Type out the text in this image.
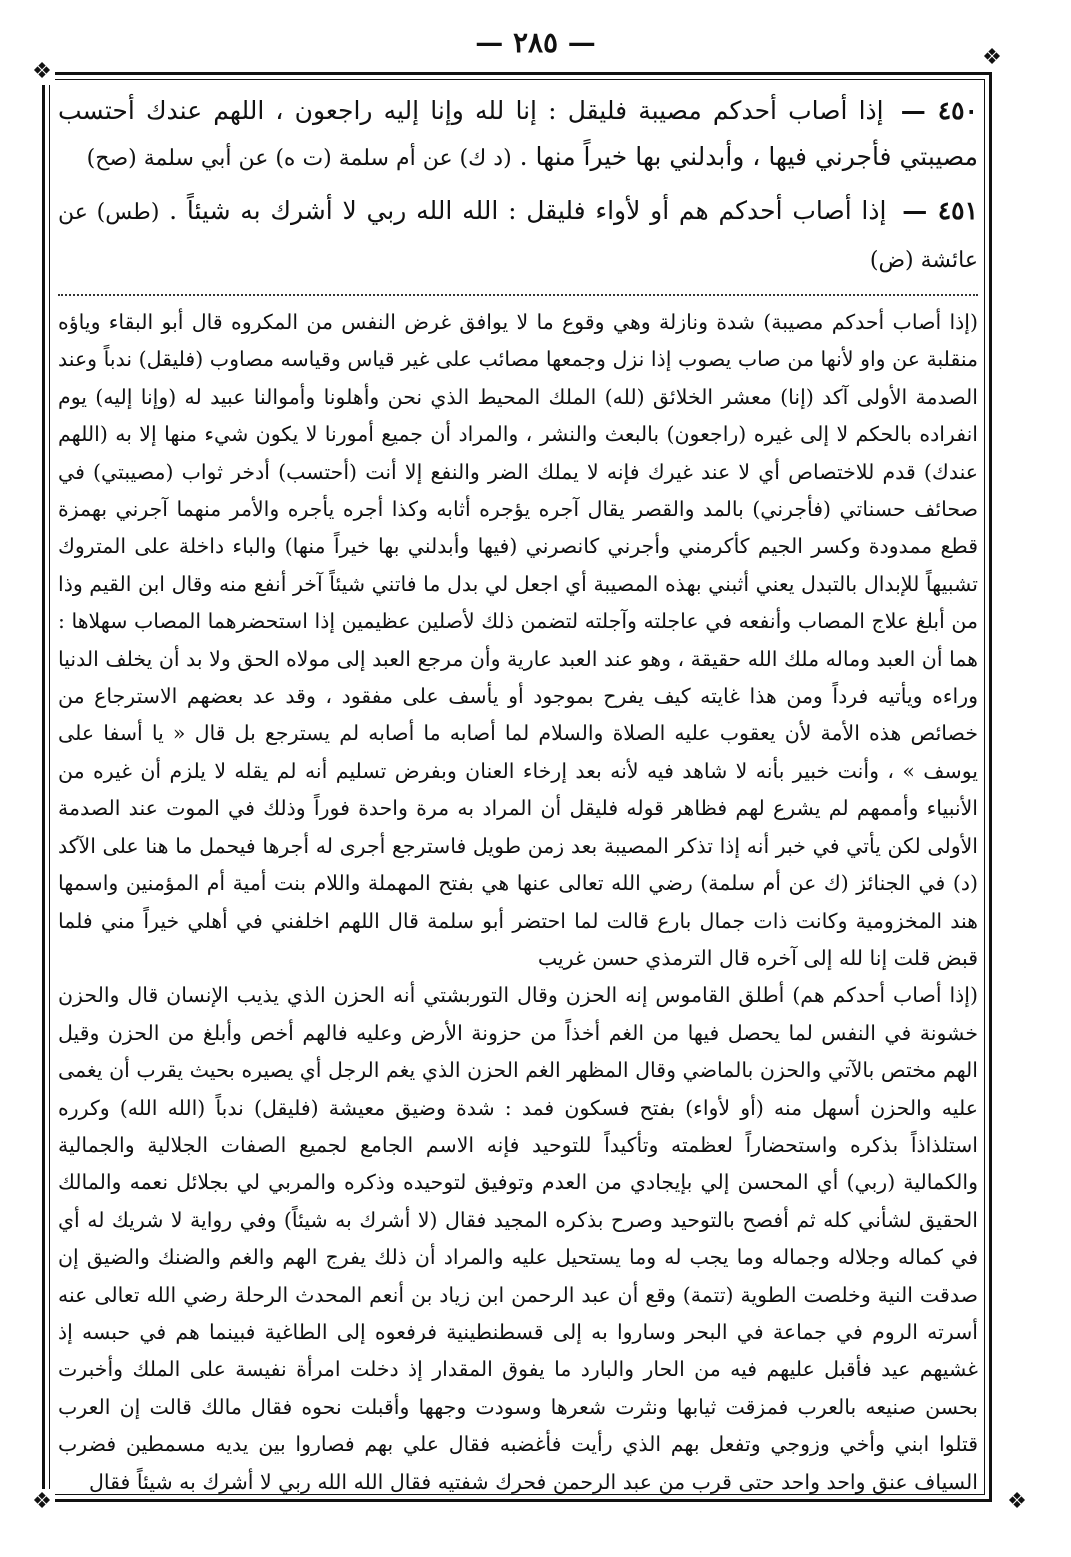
— ٢٨٥ —
❖
❖
❖	❖

٤٥٠ — إذا أصاب أحدكم مصيبة فليقل : إنا لله وإنا إليه راجعون ، اللهم عندك أحتسب مصيبتي فأجرني فيها ، وأبدلني بها خيراً منها . (د ك) عن أم سلمة (ت ه) عن أبي سلمة (صح)

٤٥١ — إذا أصاب أحدكم هم أو لأواء فليقل : الله الله ربي لا أشرك به شيئاً . (طس) عن عائشة (ض)

(إذا أصاب أحدكم مصيبة) شدة ونازلة وهي وقوع ما لا يوافق غرض النفس من المكروه قال أبو البقاء وياؤه منقلبة عن واو لأنها من صاب يصوب إذا نزل وجمعها مصائب على غير قياس وقياسه مصاوب (فليقل) ندباً وعند الصدمة الأولى آكد (إنا) معشر الخلائق (لله) الملك المحيط الذي نحن وأهلونا وأموالنا عبيد له (وإنا إليه) يوم انفراده بالحكم لا إلى غيره (راجعون) بالبعث والنشر ، والمراد أن جميع أمورنا لا يكون شيء منها إلا به (اللهم عندك) قدم للاختصاص أي لا عند غيرك فإنه لا يملك الضر والنفع إلا أنت (أحتسب) أدخر ثواب (مصيبتي) في صحائف حسناتي (فأجرني) بالمد والقصر يقال آجره يؤجره أثابه وكذا أجره يأجره والأمر منهما آجرني بهمزة قطع ممدودة وكسر الجيم كأكرمني وأجرني كانصرني (فيها وأبدلني بها خيراً منها) والباء داخلة على المتروك تشبيهاً للإبدال بالتبدل يعني أثبني بهذه المصيبة أي اجعل لي بدل ما فاتني شيئاً آخر أنفع منه وقال ابن القيم وذا من أبلغ علاج المصاب وأنفعه في عاجلته وآجلته لتضمن ذلك لأصلين عظيمين إذا استحضرهما المصاب سهلاها : هما أن العبد وماله ملك الله حقيقة ، وهو عند العبد عارية وأن مرجع العبد إلى مولاه الحق ولا بد أن يخلف الدنيا وراءه ويأتيه فرداً ومن هذا غايته كيف يفرح بموجود أو يأسف على مفقود ، وقد عد بعضهم الاسترجاع من خصائص هذه الأمة لأن يعقوب عليه الصلاة والسلام لما أصابه ما أصابه لم يسترجع بل قال « يا أسفا على يوسف » ، وأنت خبير بأنه لا شاهد فيه لأنه بعد إرخاء العنان وبفرض تسليم أنه لم يقله لا يلزم أن غيره من الأنبياء وأممهم لم يشرع لهم فظاهر قوله فليقل أن المراد به مرة واحدة فوراً وذلك في الموت عند الصدمة الأولى لكن يأتي في خبر أنه إذا تذكر المصيبة بعد زمن طويل فاسترجع أجرى له أجرها فيحمل ما هنا على الآكد (د) في الجنائز (ك عن أم سلمة) رضي الله تعالى عنها هي بفتح المهملة واللام بنت أمية أم المؤمنين واسمها هند المخزومية وكانت ذات جمال بارع قالت لما احتضر أبو سلمة قال اللهم اخلفني في أهلي خيراً مني فلما قبض قلت إنا لله إلى آخره قال الترمذي حسن غريب

(إذا أصاب أحدكم هم) أطلق القاموس إنه الحزن وقال التوربشتي أنه الحزن الذي يذيب الإنسان قال والحزن خشونة في النفس لما يحصل فيها من الغم أخذاً من حزونة الأرض وعليه فالهم أخص وأبلغ من الحزن وقيل الهم مختص بالآتي والحزن بالماضي وقال المظهر الغم الحزن الذي يغم الرجل أي يصيره بحيث يقرب أن يغمى عليه والحزن أسهل منه (أو لأواء) بفتح فسكون فمد : شدة وضيق معيشة (فليقل) ندباً (الله الله) وكرره استلذاذاً بذكره واستحضاراً لعظمته وتأكيداً للتوحيد فإنه الاسم الجامع لجميع الصفات الجلالية والجمالية والكمالية (ربي) أي المحسن إلي بإيجادي من العدم وتوفيق لتوحيده وذكره والمربي لي بجلائل نعمه والمالك الحقيق لشأني كله ثم أفصح بالتوحيد وصرح بذكره المجيد فقال (لا أشرك به شيئاً) وفي رواية لا شريك له أي في كماله وجلاله وجماله وما يجب له وما يستحيل عليه والمراد أن ذلك يفرج الهم والغم والضنك والضيق إن صدقت النية وخلصت الطوية (تتمة) وقع أن عبد الرحمن ابن زياد بن أنعم المحدث الرحلة رضي الله تعالى عنه أسرته الروم في جماعة في البحر وساروا به إلى قسطنطينية فرفعوه إلى الطاغية فبينما هم في حبسه إذ غشيهم عيد فأقبل عليهم فيه من الحار والبارد ما يفوق المقدار إذ دخلت امرأة نفيسة على الملك وأخبرت بحسن صنيعه بالعرب فمزقت ثيابها ونثرت شعرها وسودت وجهها وأقبلت نحوه فقال مالك قالت إن العرب قتلوا ابني وأخي وزوجي وتفعل بهم الذي رأيت فأغضبه فقال علي بهم فصاروا بين يديه مسمطين فضرب السياف عنق واحد واحد حتى قرب من عبد الرحمن فحرك شفتيه فقال الله الله ربي لا أشرك به شيئاً فقال
